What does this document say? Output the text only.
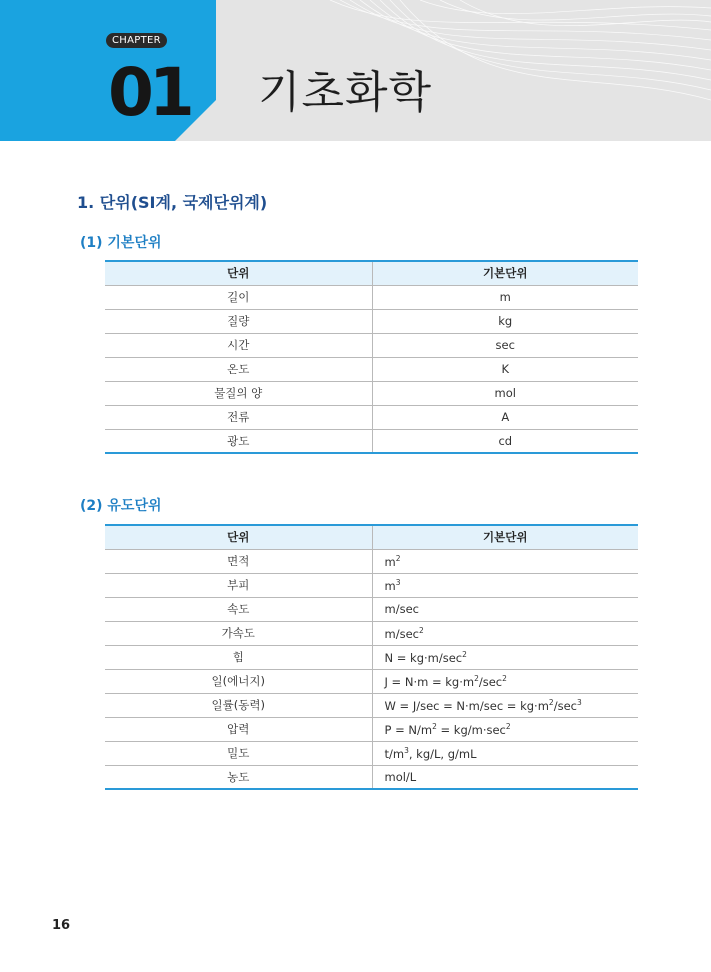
CHAPTER
01 기초화학
1. 단위(SI계, 국제단위계)
(1) 기본단위
단위	기본단위
길이	m
질량	kg
시간	sec
온도	K
물질의 양	mol
전류	A
광도	cd
(2) 유도단위
단위	기본단위
면적	$m^2$
부피	$m^3$
속도	m/sec
가속도	$m/\sec^2$
힘	$N = kg\cdot m/\sec^2$
일(에너지)	$J = N\cdot m = kg\cdot m^2/\sec^2$
일률(동력)	$W = J/\sec = N\cdot m/\sec = kg\cdot m^2/\sec^3$
압력	$P = N/m^2 = kg/m\cdot\sec^2$
밀도	$t/m^3$, kg/L, g/mL
농도	mol/L
16
